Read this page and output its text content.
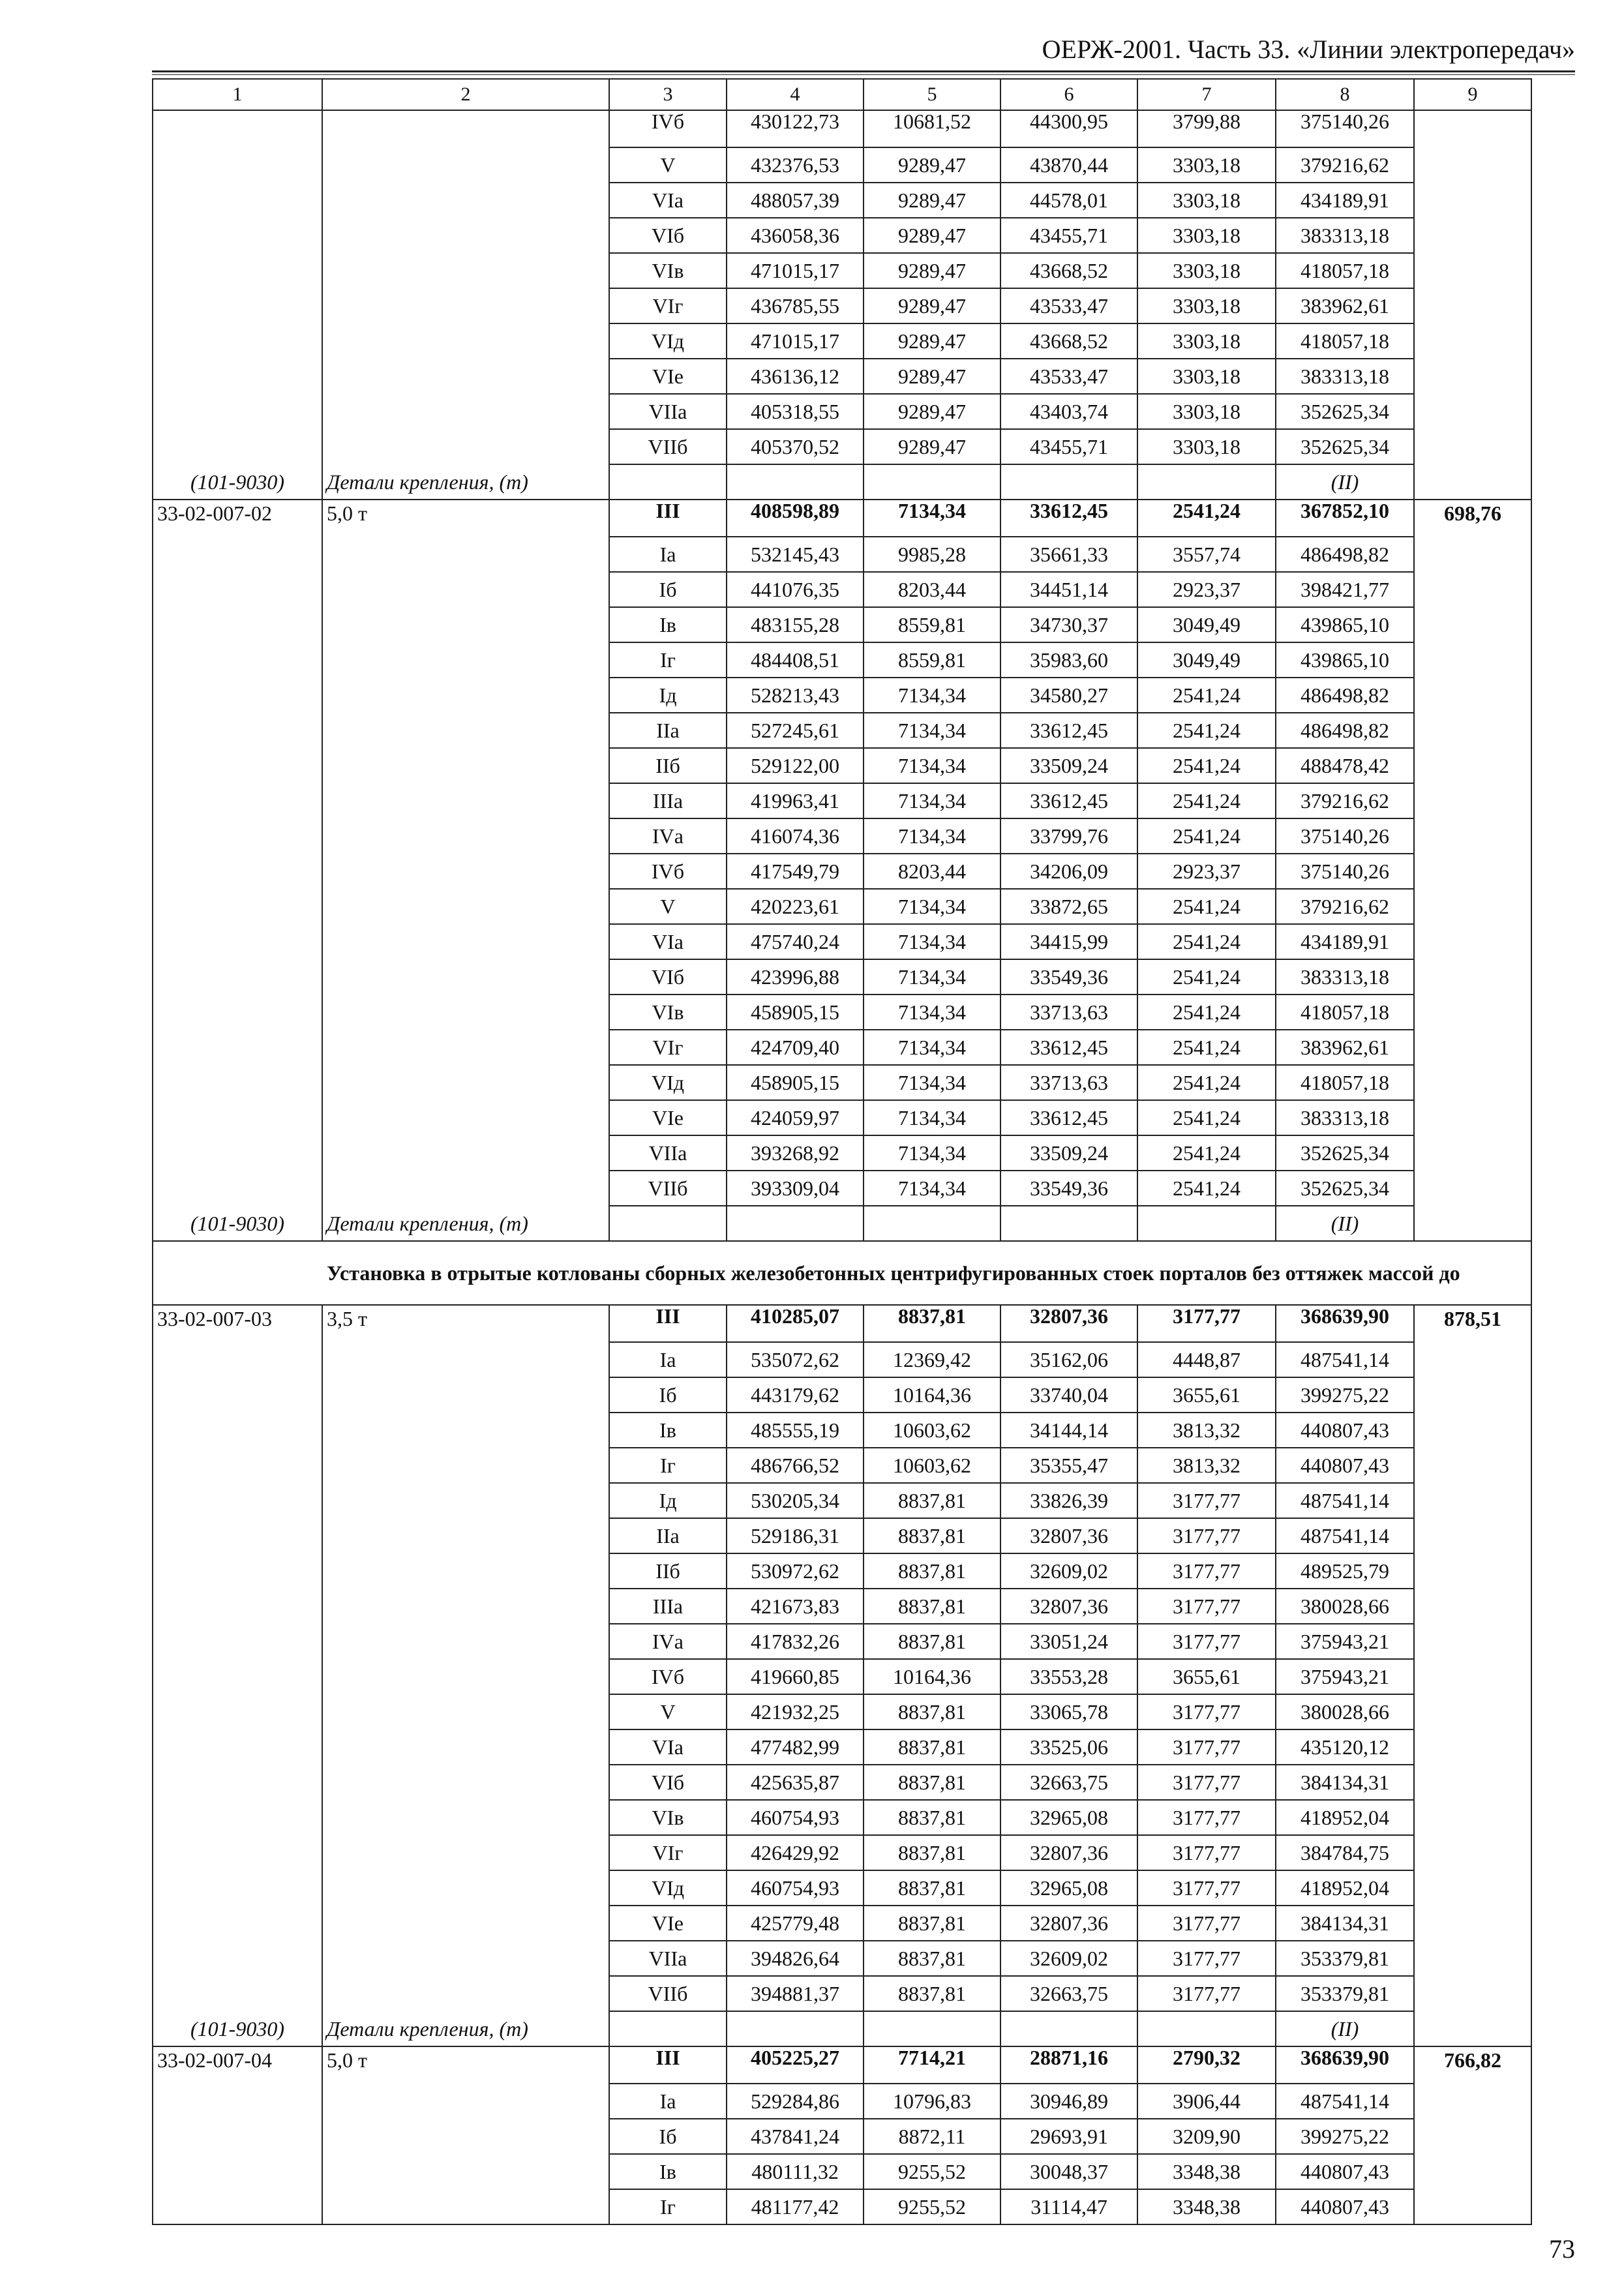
ОЕРЖ-2001. Часть 33. «Линии электропередач»
1	2	3	4	5	6	7	8	9
		IVб	430122,73	10681,52	44300,95	3799,88	375140,26	
		V	432376,53	9289,47	43870,44	3303,18	379216,62	
		VIа	488057,39	9289,47	44578,01	3303,18	434189,91	
		VIб	436058,36	9289,47	43455,71	3303,18	383313,18	
		VIв	471015,17	9289,47	43668,52	3303,18	418057,18	
		VIг	436785,55	9289,47	43533,47	3303,18	383962,61	
		VIд	471015,17	9289,47	43668,52	3303,18	418057,18	
		VIе	436136,12	9289,47	43533,47	3303,18	383313,18	
		VIIа	405318,55	9289,47	43403,74	3303,18	352625,34	
		VIIб	405370,52	9289,47	43455,71	3303,18	352625,34	
(101-9030)	Детали крепления, (т)						(II)	
33-02-007-02	5,0 т	III	408598,89	7134,34	33612,45	2541,24	367852,10	698,76
		Iа	532145,43	9985,28	35661,33	3557,74	486498,82	
		Iб	441076,35	8203,44	34451,14	2923,37	398421,77	
		Iв	483155,28	8559,81	34730,37	3049,49	439865,10	
		Iг	484408,51	8559,81	35983,60	3049,49	439865,10	
		Iд	528213,43	7134,34	34580,27	2541,24	486498,82	
		IIа	527245,61	7134,34	33612,45	2541,24	486498,82	
		IIб	529122,00	7134,34	33509,24	2541,24	488478,42	
		IIIа	419963,41	7134,34	33612,45	2541,24	379216,62	
		IVа	416074,36	7134,34	33799,76	2541,24	375140,26	
		IVб	417549,79	8203,44	34206,09	2923,37	375140,26	
		V	420223,61	7134,34	33872,65	2541,24	379216,62	
		VIа	475740,24	7134,34	34415,99	2541,24	434189,91	
		VIб	423996,88	7134,34	33549,36	2541,24	383313,18	
		VIв	458905,15	7134,34	33713,63	2541,24	418057,18	
		VIг	424709,40	7134,34	33612,45	2541,24	383962,61	
		VIд	458905,15	7134,34	33713,63	2541,24	418057,18	
		VIе	424059,97	7134,34	33612,45	2541,24	383313,18	
		VIIа	393268,92	7134,34	33509,24	2541,24	352625,34	
		VIIб	393309,04	7134,34	33549,36	2541,24	352625,34	
(101-9030)	Детали крепления, (т)						(II)	
Установка в отрытые котлованы сборных железобетонных центрифугированных стоек порталов без оттяжек массой до								
33-02-007-03	3,5 т	III	410285,07	8837,81	32807,36	3177,77	368639,90	878,51
		Iа	535072,62	12369,42	35162,06	4448,87	487541,14	
		Iб	443179,62	10164,36	33740,04	3655,61	399275,22	
		Iв	485555,19	10603,62	34144,14	3813,32	440807,43	
		Iг	486766,52	10603,62	35355,47	3813,32	440807,43	
		Iд	530205,34	8837,81	33826,39	3177,77	487541,14	
		IIа	529186,31	8837,81	32807,36	3177,77	487541,14	
		IIб	530972,62	8837,81	32609,02	3177,77	489525,79	
		IIIа	421673,83	8837,81	32807,36	3177,77	380028,66	
		IVа	417832,26	8837,81	33051,24	3177,77	375943,21	
		IVб	419660,85	10164,36	33553,28	3655,61	375943,21	
		V	421932,25	8837,81	33065,78	3177,77	380028,66	
		VIа	477482,99	8837,81	33525,06	3177,77	435120,12	
		VIб	425635,87	8837,81	32663,75	3177,77	384134,31	
		VIв	460754,93	8837,81	32965,08	3177,77	418952,04	
		VIг	426429,92	8837,81	32807,36	3177,77	384784,75	
		VIд	460754,93	8837,81	32965,08	3177,77	418952,04	
		VIе	425779,48	8837,81	32807,36	3177,77	384134,31	
		VIIа	394826,64	8837,81	32609,02	3177,77	353379,81	
		VIIб	394881,37	8837,81	32663,75	3177,77	353379,81	
(101-9030)	Детали крепления, (т)						(II)	
33-02-007-04	5,0 т	III	405225,27	7714,21	28871,16	2790,32	368639,90	766,82
		Iа	529284,86	10796,83	30946,89	3906,44	487541,14	
		Iб	437841,24	8872,11	29693,91	3209,90	399275,22	
		Iв	480111,32	9255,52	30048,37	3348,38	440807,43	
		Iг	481177,42	9255,52	31114,47	3348,38	440807,43	
73
